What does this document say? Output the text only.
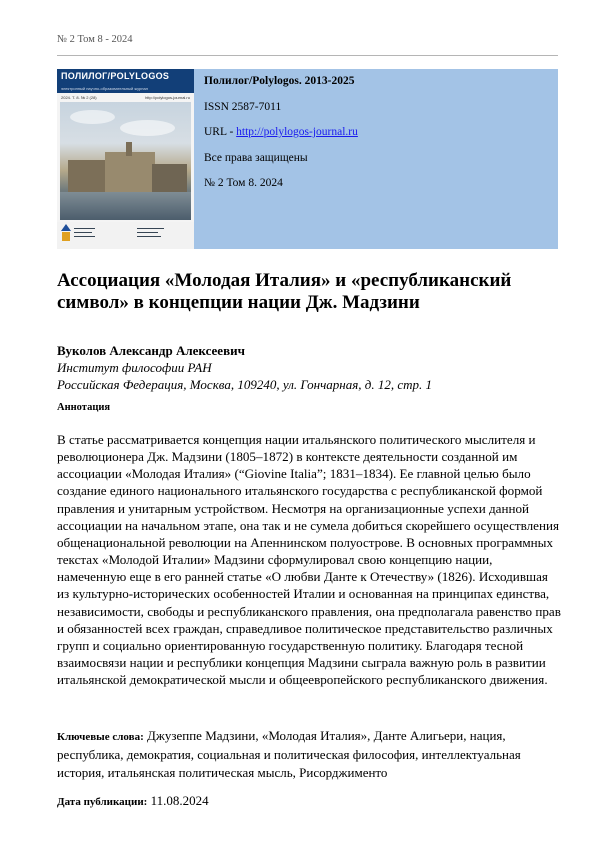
№ 2 Том 8 - 2024
ПОЛИЛОГ/POLYLOGOS
электронный научно-образовательный журнал
2024. Т. 8. № 2 (28)	http://polylogos-journal.ru
▬▬▬▬▬▬▬
▬▬▬▬▬▬
▬▬▬▬▬▬▬
▬▬▬▬▬▬▬▬▬
▬▬▬▬▬▬▬
▬▬▬▬▬▬▬▬
Полилог/Polylogos. 2013-2025
ISSN 2587-7011
URL - http://polylogos-journal.ru
Все права защищены
№ 2 Том 8. 2024
Ассоциация «Молодая Италия» и «республиканский символ» в концепции нации Дж. Мадзини
Вуколов Александр Алексеевич
Институт философии РАН
Российская Федерация, Москва, 109240, ул. Гончарная, д. 12, стр. 1
Аннотация
В статье рассматривается концепция нации итальянского политического мыслителя и революционера Дж. Мадзини (1805–1872) в контексте деятельности созданной им ассоциации «Молодая Италия» (“Giovine Italia”; 1831–1834). Ее главной целью было создание единого национального итальянского государства с республиканской формой правления и унитарным устройством. Несмотря на организационные успехи данной ассоциации на начальном этапе, она так и не сумела добиться скорейшего осуществления общенациональной революции на Апеннинском полуострове. В основных программных текстах «Молодой Италии» Мадзини сформулировал свою концепцию нации, намеченную еще в его ранней статье «О любви Данте к Отечеству» (1826). Исходившая из культурно-исторических особенностей Италии и основанная на принципах единства, независимости, свободы и республиканского правления, она предполагала равенство прав и обязанностей всех граждан, справедливое политическое представительство различных групп и социально ориентированную государственную политику. Благодаря тесной взаимосвязи нации и республики концепция Мадзини сыграла важную роль в развитии итальянской демократической мысли и общеевропейского республиканского движения.
Ключевые слова: Джузеппе Мадзини, «Молодая Италия», Данте Алигьери, нация, республика, демократия, социальная и политическая философия, интеллектуальная история, итальянская политическая мысль, Рисорджименто
Дата публикации: 11.08.2024
